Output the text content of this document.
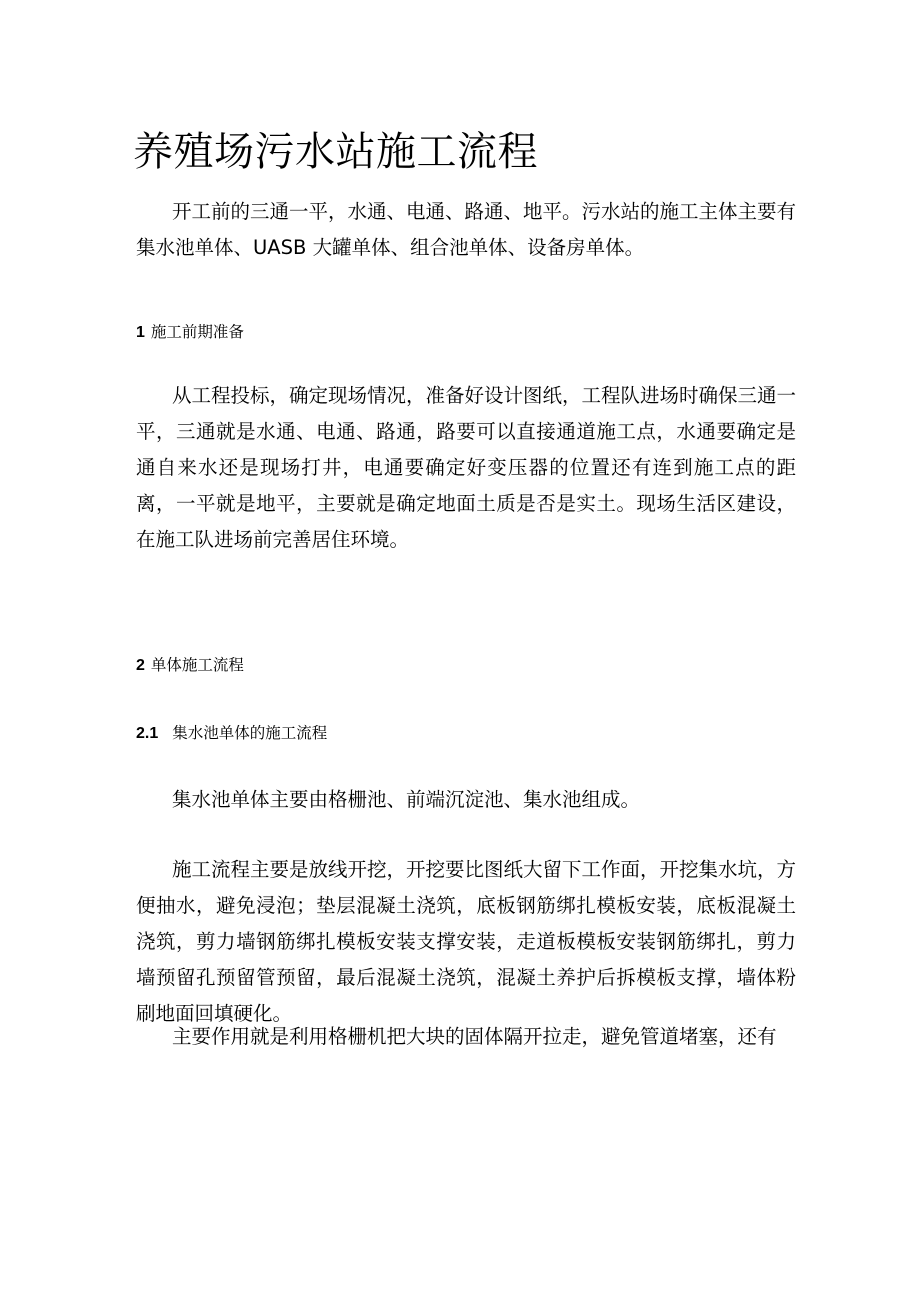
养殖场污水站施工流程

开工前的三通一平，水通、电通、路通、地平。污水站的施工主体主要有集水池单体、UASB 大罐单体、组合池单体、设备房单体。

1 施工前期准备

从工程投标，确定现场情况，准备好设计图纸，工程队进场时确保三通一平，三通就是水通、电通、路通，路要可以直接通道施工点，水通要确定是通自来水还是现场打井，电通要确定好变压器的位置还有连到施工点的距离，一平就是地平，主要就是确定地面土质是否是实土。现场生活区建设，在施工队进场前完善居住环境。

2 单体施工流程
2.1 集水池单体的施工流程

集水池单体主要由格栅池、前端沉淀池、集水池组成。

施工流程主要是放线开挖，开挖要比图纸大留下工作面，开挖集水坑，方便抽水，避免浸泡；垫层混凝土浇筑，底板钢筋绑扎模板安装，底板混凝土浇筑，剪力墙钢筋绑扎模板安装支撑安装，走道板模板安装钢筋绑扎，剪力墙预留孔预留管预留，最后混凝土浇筑，混凝土养护后拆模板支撑，墙体粉刷地面回填硬化。

主要作用就是利用格栅机把大块的固体隔开拉走，避免管道堵塞，还有
